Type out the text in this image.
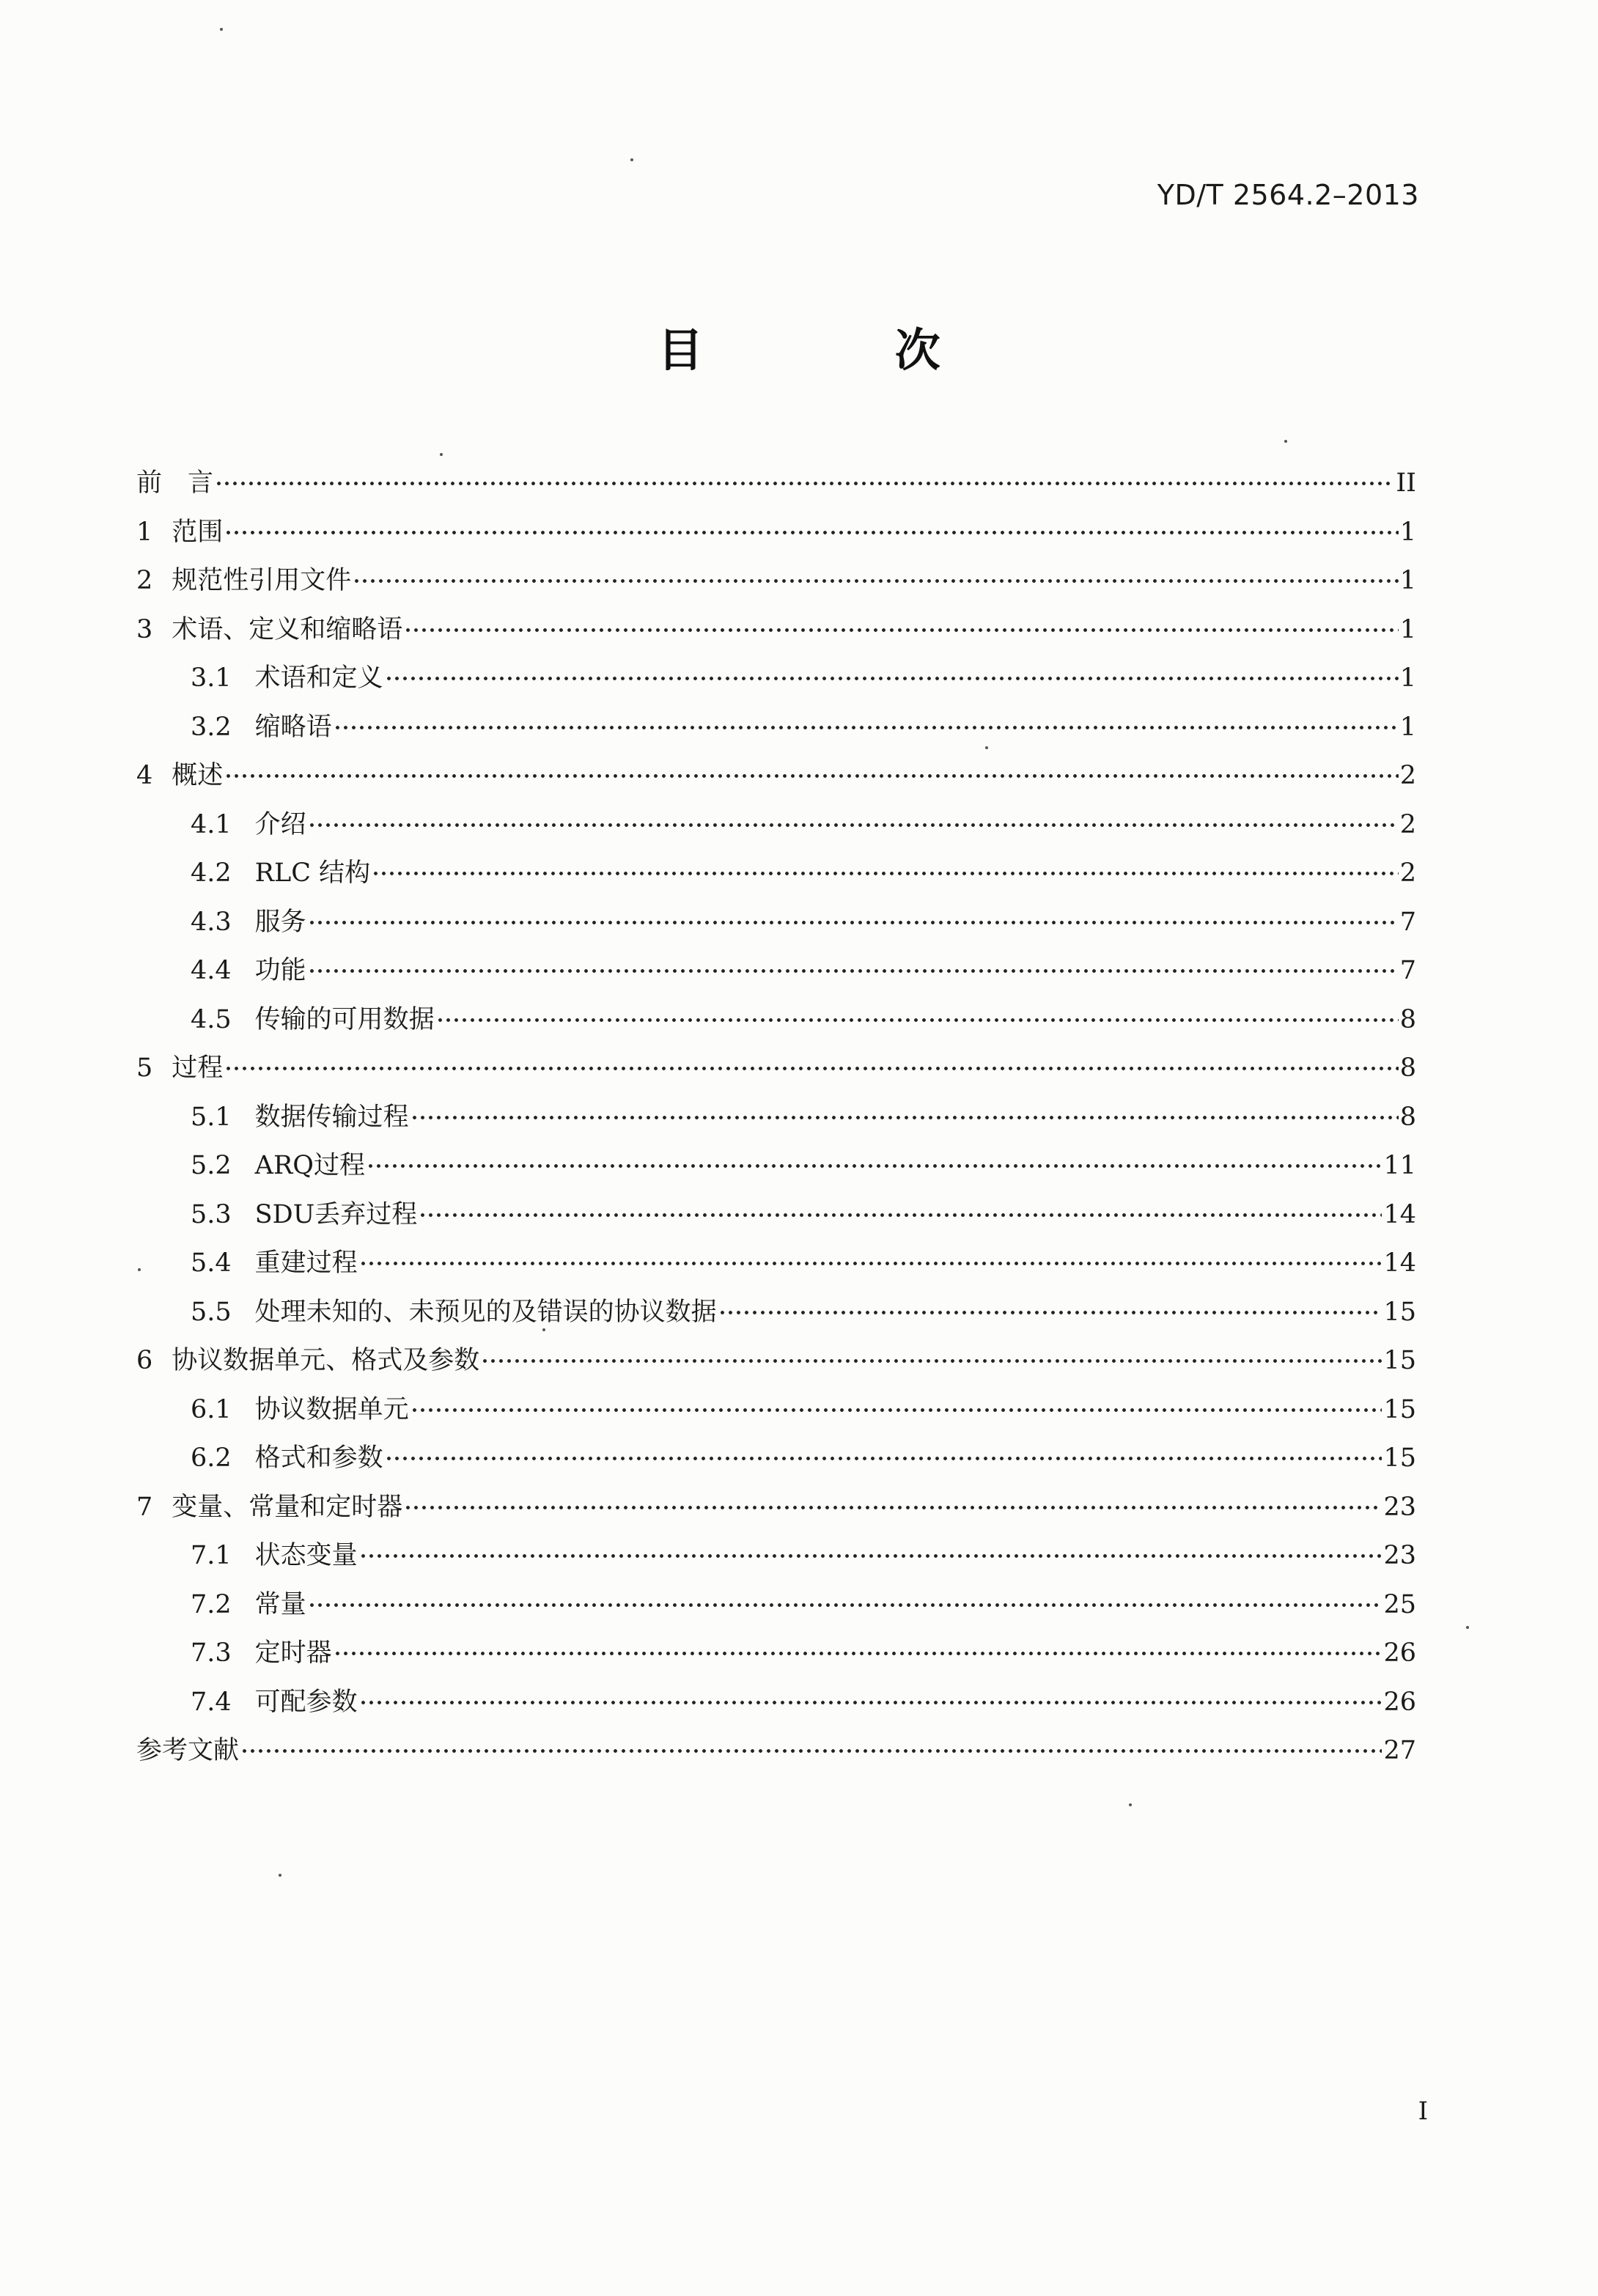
YD/T 2564.2–2013
目 次
前　言	II
1 范围	1
2 规范性引用文件	1
3 术语、定义和缩略语	1
3.1 术语和定义	1
3.2 缩略语	1
4 概述	2
4.1 介绍	2
4.2 RLC 结构	2
4.3 服务	7
4.4 功能	7
4.5 传输的可用数据	8
5 过程	8
5.1 数据传输过程	8
5.2 ARQ过程	11
5.3 SDU丢弃过程	14
5.4 重建过程	14
5.5 处理未知的、未预见的及错误的协议数据	15
6 协议数据单元、格式及参数	15
6.1 协议数据单元	15
6.2 格式和参数	15
7 变量、常量和定时器	23
7.1 状态变量	23
7.2 常量	25
7.3 定时器	26
7.4 可配参数	26
参考文献	27
I
